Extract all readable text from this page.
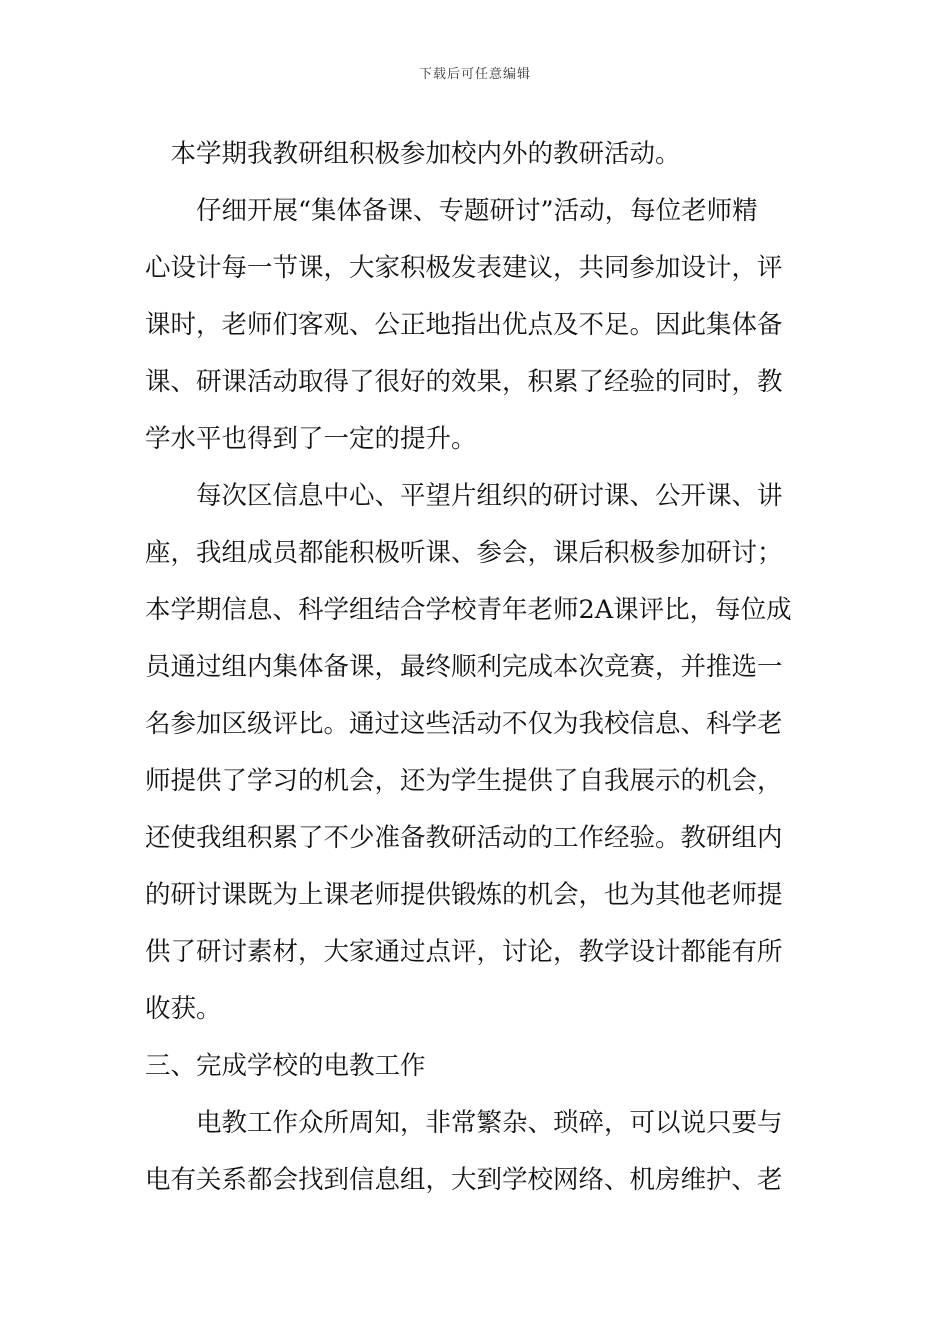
下载后可任意编辑
　本学期我教研组积极参加校内外的教研活动。
　　仔细开展“集体备课、专题研讨”活动，每位老师精
心设计每一节课，大家积极发表建议，共同参加设计，评
课时，老师们客观、公正地指出优点及不足。因此集体备
课、研课活动取得了很好的效果，积累了经验的同时，教
学水平也得到了一定的提升。
　　每次区信息中心、平望片组织的研讨课、公开课、讲
座，我组成员都能积极听课、参会，课后积极参加研讨；
本学期信息、科学组结合学校青年老师2A课评比，每位成
员通过组内集体备课，最终顺利完成本次竞赛，并推选一
名参加区级评比。通过这些活动不仅为我校信息、科学老
师提供了学习的机会，还为学生提供了自我展示的机会，
还使我组积累了不少准备教研活动的工作经验。教研组内
的研讨课既为上课老师提供锻炼的机会，也为其他老师提
供了研讨素材，大家通过点评，讨论，教学设计都能有所
收获。
三、完成学校的电教工作
　　电教工作众所周知，非常繁杂、琐碎，可以说只要与
电有关系都会找到信息组，大到学校网络、机房维护、老
